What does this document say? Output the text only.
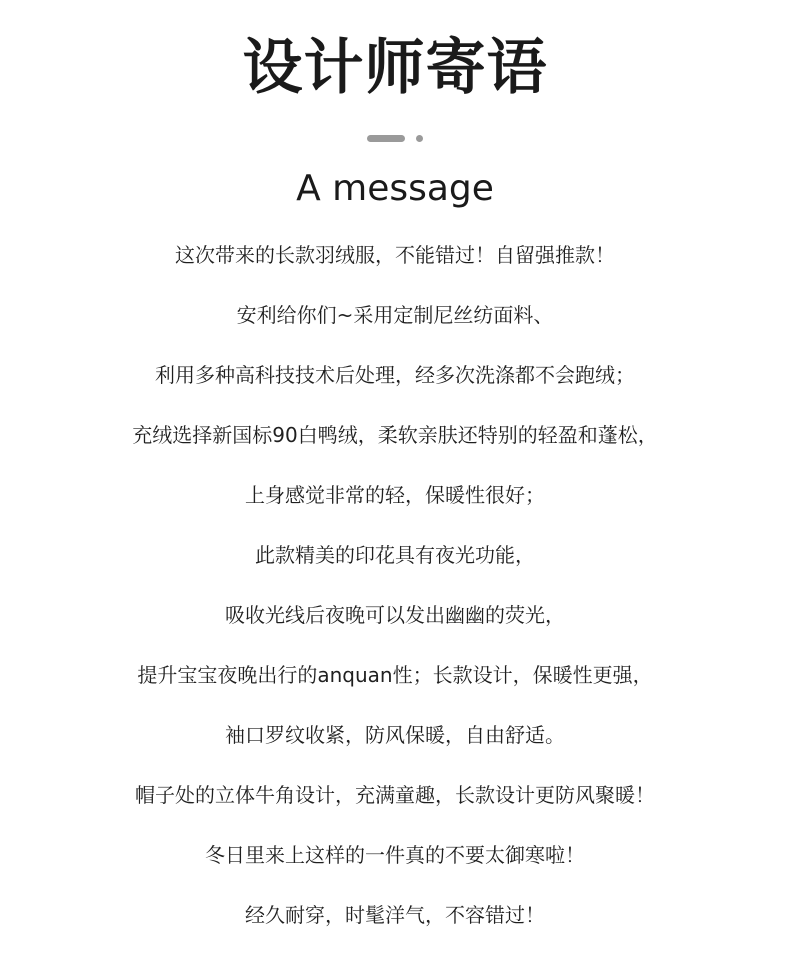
设计师寄语
A message
这次带来的长款羽绒服，不能错过！自留强推款！
安利给你们~采用定制尼丝纺面料、
利用多种高科技技术后处理，经多次洗涤都不会跑绒；
充绒选择新国标90白鸭绒，柔软亲肤还特别的轻盈和蓬松，
上身感觉非常的轻，保暖性很好；
此款精美的印花具有夜光功能，
吸收光线后夜晚可以发出幽幽的荧光，
提升宝宝夜晚出行的anquan性；长款设计，保暖性更强，
袖口罗纹收紧，防风保暖，自由舒适。
帽子处的立体牛角设计，充满童趣，长款设计更防风聚暖！
冬日里来上这样的一件真的不要太御寒啦！
经久耐穿，时髦洋气，不容错过！
